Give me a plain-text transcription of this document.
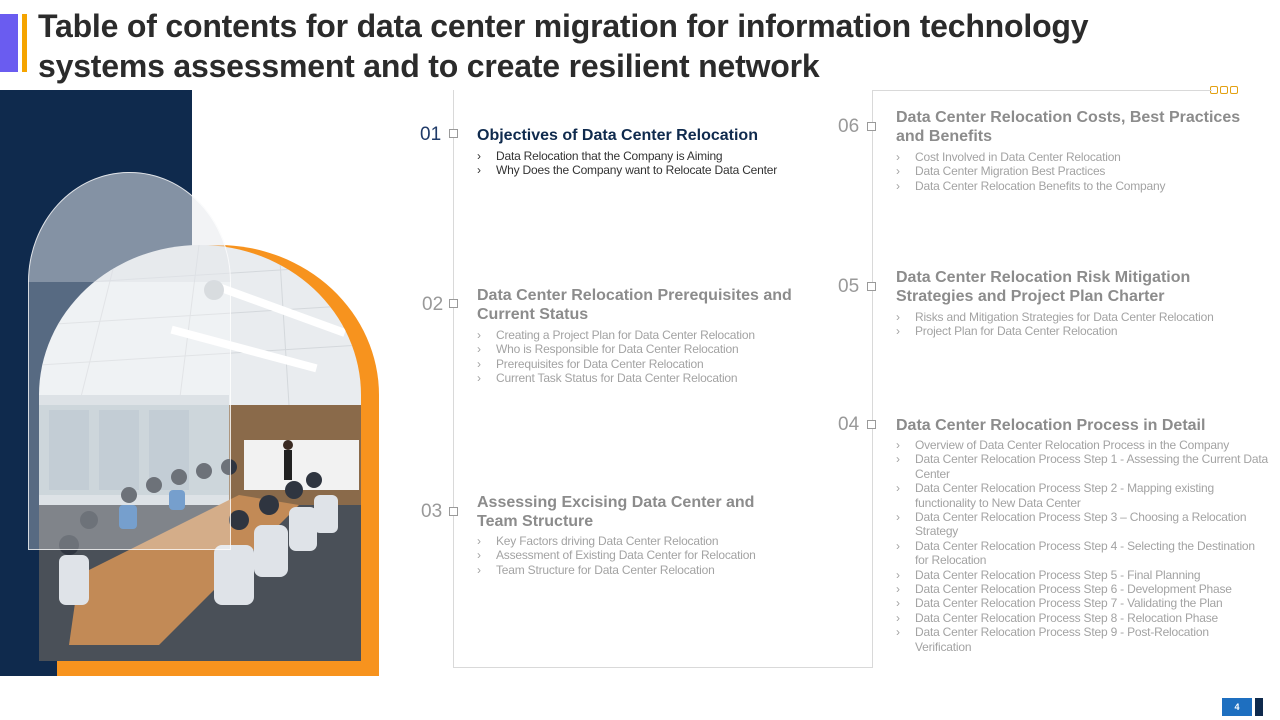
Table of contents for data center migration for information technology systems assessment and to create resilient network
01 Objectives of Data Center Relocation
› Data Relocation that the Company is Aiming
› Why Does the Company want to Relocate Data Center
02 Data Center Relocation Prerequisites and Current Status
› Creating a Project Plan for Data Center Relocation
› Who is Responsible for Data Center Relocation
› Prerequisites for Data Center Relocation
› Current Task Status for Data Center Relocation
03 Assessing Excising Data Center and Team Structure
› Key Factors driving Data Center Relocation
› Assessment of Existing Data Center for Relocation
› Team Structure for Data Center Relocation
06 Data Center Relocation Costs, Best Practices and Benefits
› Cost Involved in Data Center Relocation
› Data Center Migration Best Practices
› Data Center Relocation Benefits to the Company
05 Data Center Relocation Risk Mitigation Strategies and Project Plan Charter
› Risks and Mitigation Strategies for Data Center Relocation
› Project Plan for Data Center Relocation
04 Data Center Relocation Process in Detail
› Overview of Data Center Relocation Process in the Company
› Data Center Relocation Process Step 1 - Assessing the Current Data Center
› Data Center Relocation Process Step 2 - Mapping existing functionality to New Data Center
› Data Center Relocation Process Step 3 – Choosing a Relocation Strategy
› Data Center Relocation Process Step 4 - Selecting the Destination for Relocation
› Data Center Relocation Process Step 5 - Final Planning
› Data Center Relocation Process Step 6 - Development Phase
› Data Center Relocation Process Step 7 - Validating the Plan
› Data Center Relocation Process Step 8 - Relocation Phase
› Data Center Relocation Process Step 9 - Post-Relocation Verification
4
